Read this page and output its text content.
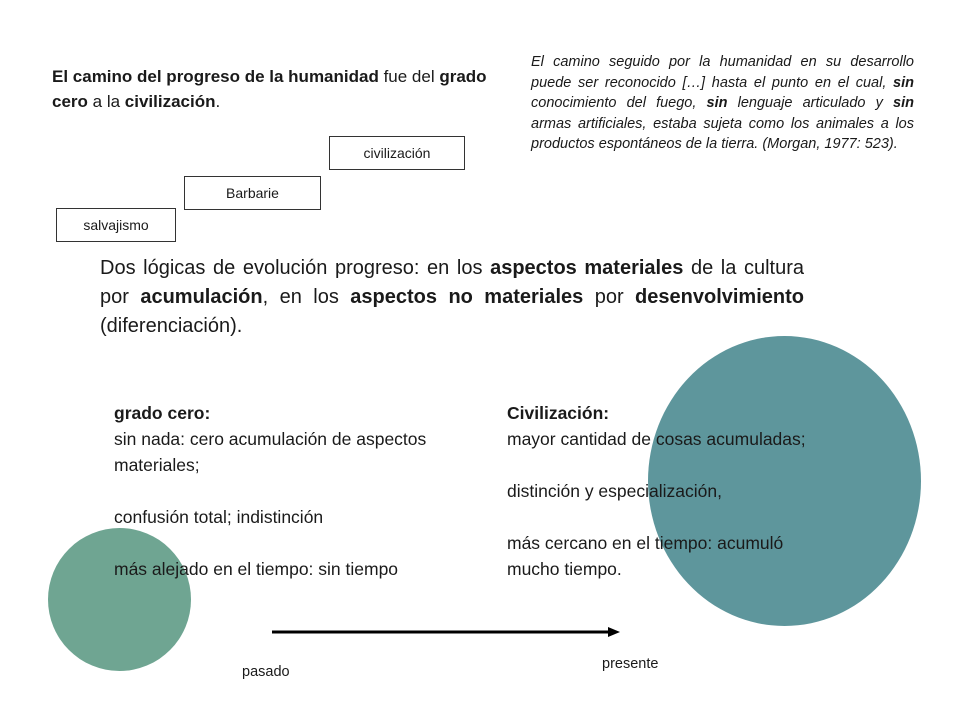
El camino del progreso de la humanidad fue del grado cero a la civilización.
El camino seguido por la humanidad en su desarrollo puede ser reconocido […] hasta el punto en el cual, sin conocimiento del fuego, sin lenguaje articulado y sin armas artificiales, estaba sujeta como los animales a los productos espontáneos de la tierra. (Morgan, 1977: 523).
salvajismo
Barbarie
civilización
Dos lógicas de evolución progreso: en los aspectos materiales de la cultura por acumulación, en los aspectos no materiales por desenvolvimiento (diferenciación).

grado cero:

sin nada: cero acumulación de aspectos materiales;

confusión total; indistinción

más alejado en el tiempo: sin tiempo

Civilización:

mayor cantidad de cosas acumuladas;

distinción y especialización,

más cercano en el tiempo: acumuló mucho tiempo.

pasado	presente
